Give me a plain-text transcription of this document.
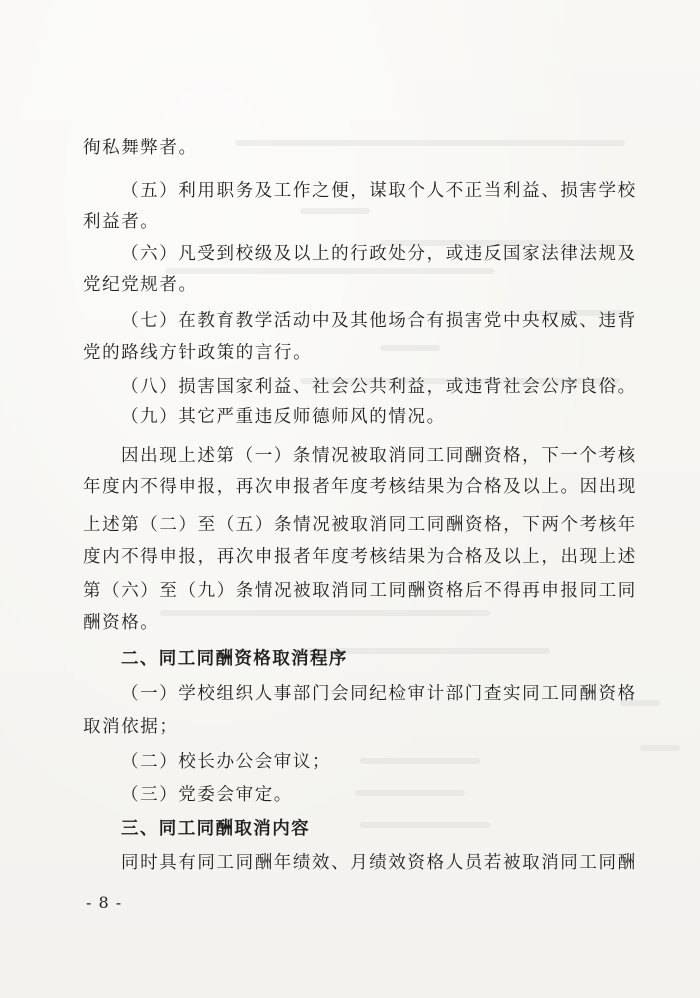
徇私舞弊者。
（五）利用职务及工作之便，谋取个人不正当利益、损害学校
利益者。
（六）凡受到校级及以上的行政处分，或违反国家法律法规及
党纪党规者。
（七）在教育教学活动中及其他场合有损害党中央权威、违背
党的路线方针政策的言行。
（八）损害国家利益、社会公共利益，或违背社会公序良俗。
（九）其它严重违反师德师风的情况。
因出现上述第（一）条情况被取消同工同酬资格，下一个考核
年度内不得申报，再次申报者年度考核结果为合格及以上。因出现
上述第（二）至（五）条情况被取消同工同酬资格，下两个考核年
度内不得申报，再次申报者年度考核结果为合格及以上，出现上述
第（六）至（九）条情况被取消同工同酬资格后不得再申报同工同
酬资格。
二、同工同酬资格取消程序
（一）学校组织人事部门会同纪检审计部门查实同工同酬资格
取消依据；
（二）校长办公会审议；
（三）党委会审定。
三、同工同酬取消内容
同时具有同工同酬年绩效、月绩效资格人员若被取消同工同酬
- 8 -
